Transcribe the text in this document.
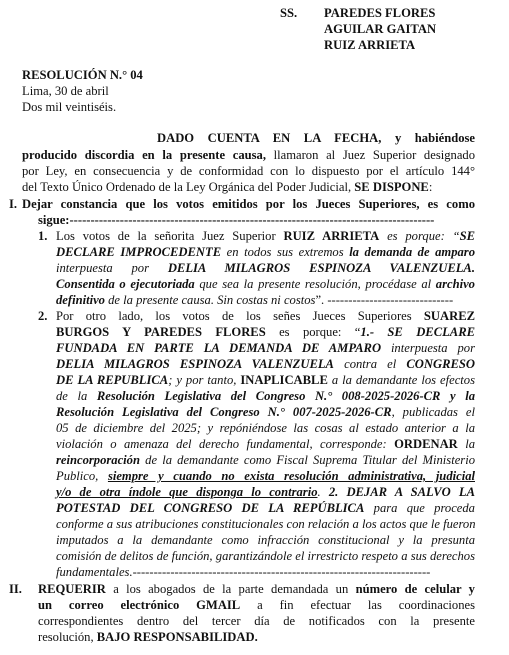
SS. PAREDES FLORES
AGUILAR GAITAN
RUIZ ARRIETA
RESOLUCIÓN N.° 04
Lima, 30 de abril
Dos mil veintiséis.
DADO CUENTA EN LA FECHA, y habiéndose
producido discordia en la presente causa, llamaron al Juez Superior designado
por Ley, en consecuencia y de conformidad con lo dispuesto por el artículo 144°
del Texto Único Ordenado de la Ley Orgánica del Poder Judicial, SE DISPONE:
I. Dejar constancia que los votos emitidos por los Jueces Superiores, es como
sigue:---------------------------------------------------------------------------------------
1. Los votos de la señorita Juez Superior RUIZ ARRIETA es porque: “SE
DECLARE IMPROCEDENTE en todos sus extremos la demanda de amparo
interpuesta por DELIA MILAGROS ESPINOZA VALENZUELA.
Consentida o ejecutoriada que sea la presente resolución, procédase al archivo
definitivo de la presente causa. Sin costas ni costos”. ------------------------------
2. Por otro lado, los votos de los señes Jueces Superiores SUAREZ
BURGOS Y PAREDES FLORES es porque: “1.- SE DECLARE
FUNDADA EN PARTE LA DEMANDA DE AMPARO interpuesta por
DELIA MILAGROS ESPINOZA VALENZUELA contra el CONGRESO
DE LA REPUBLICA; y por tanto, INAPLICABLE a la demandante los efectos
de la Resolución Legislativa del Congreso N.° 008-2025-2026-CR y la
Resolución Legislativa del Congreso N.° 007-2025-2026-CR, publicadas el
05 de diciembre del 2025; y repóniéndose las cosas al estado anterior a la
violación o amenaza del derecho fundamental, corresponde: ORDENAR la
reincorporación de la demandante como Fiscal Suprema Titular del Ministerio
Publico, siempre y cuando no exista resolución administrativa, judicial
y/o de otra índole que disponga lo contrario. 2. DEJAR A SALVO LA
POTESTAD DEL CONGRESO DE LA REPÚBLICA para que proceda
conforme a sus atribuciones constitucionales con relación a los actos que le fueron
imputados a la demandante como infracción constitucional y la presunta
comisión de delitos de función, garantizándole el irrestricto respeto a sus derechos
fundamentales.-----------------------------------------------------------------------
II. REQUERIR a los abogados de la parte demandada un número de celular y
un correo electrónico GMAIL a fin efectuar las coordinaciones
correspondientes dentro del tercer día de notificados con la presente
resolución, BAJO RESPONSABILIDAD.
